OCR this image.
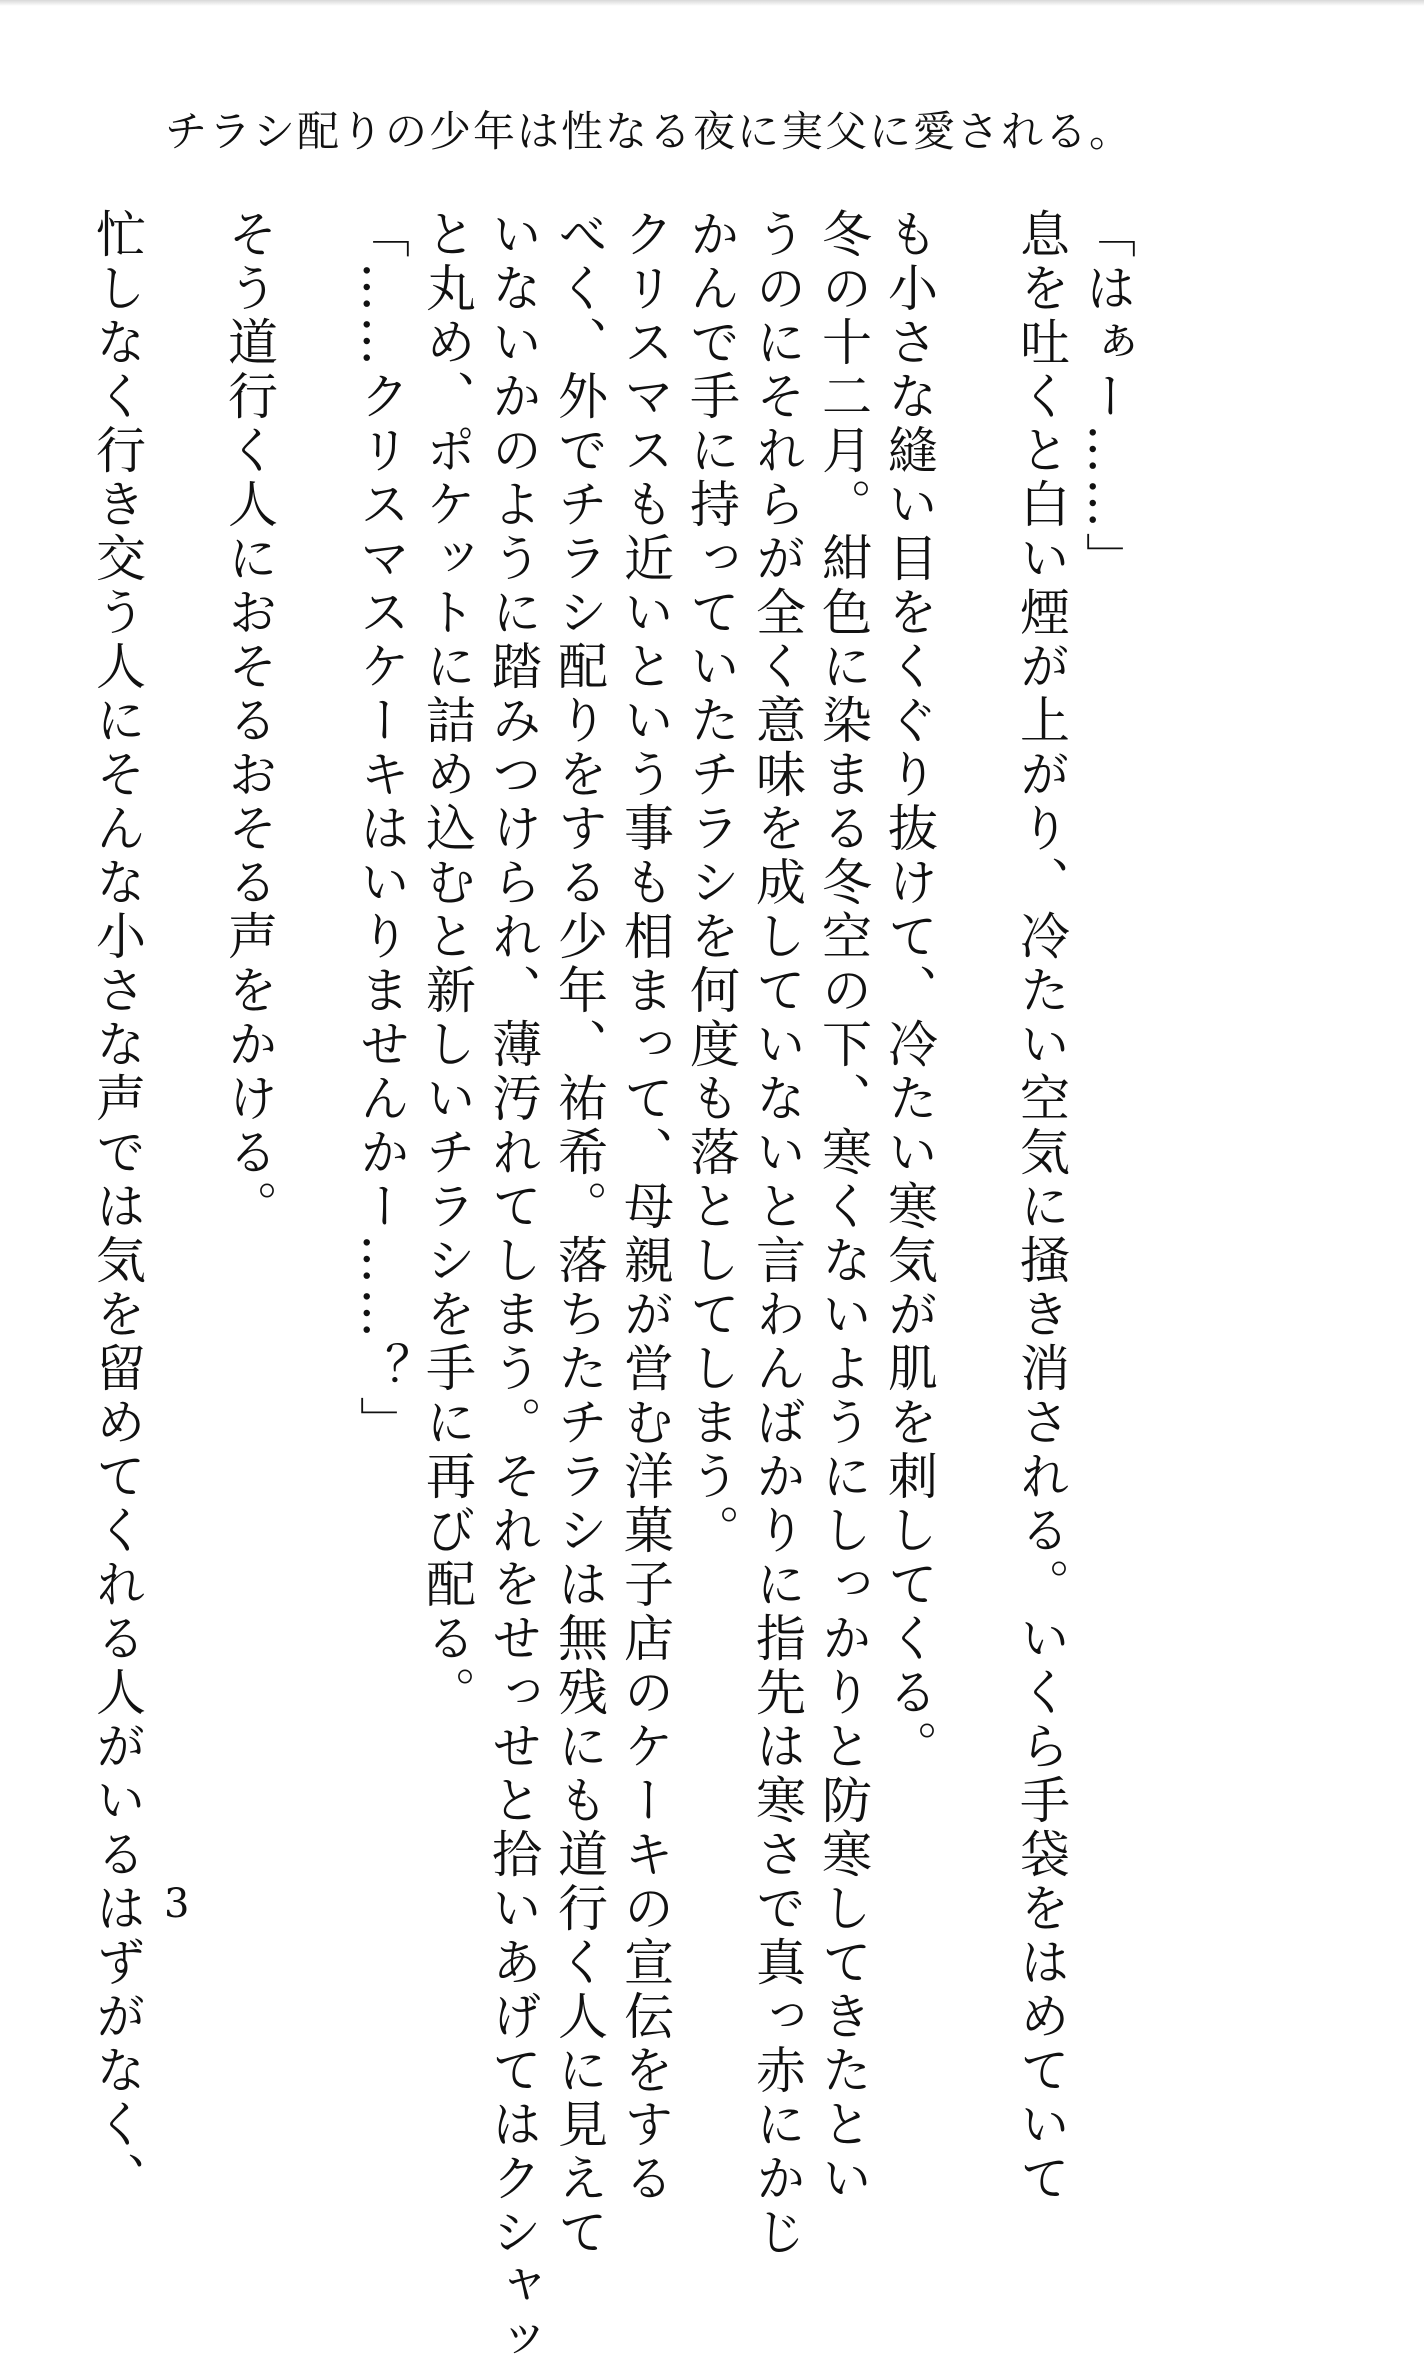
チラシ配りの少年は性なる夜に実父に愛される。

「はぁー……」

息を吐くと白い煙が上がり、冷たい空気に掻き消される。いくら手袋をはめていて

も小さな縫い目をくぐり抜けて、冷たい寒気が肌を刺してくる。

冬の十二月。紺色に染まる冬空の下、寒くないようにしっかりと防寒してきたとい

うのにそれらが全く意味を成していないと言わんばかりに指先は寒さで真っ赤にかじ

かんで手に持っていたチラシを何度も落としてしまう。

クリスマスも近いという事も相まって、母親が営む洋菓子店のケーキの宣伝をする

べく、外でチラシ配りをする少年、祐希。落ちたチラシは無残にも道行く人に見えて

いないかのように踏みつけられ、薄汚れてしまう。それをせっせと拾いあげてはクシャッ

と丸め、ポケットに詰め込むと新しいチラシを手に再び配る。

「……クリスマスケーキはいりませんかー……？」

そう道行く人におそるおそる声をかける。

忙しなく行き交う人にそんな小さな声では気を留めてくれる人がいるはずがなく、 3
